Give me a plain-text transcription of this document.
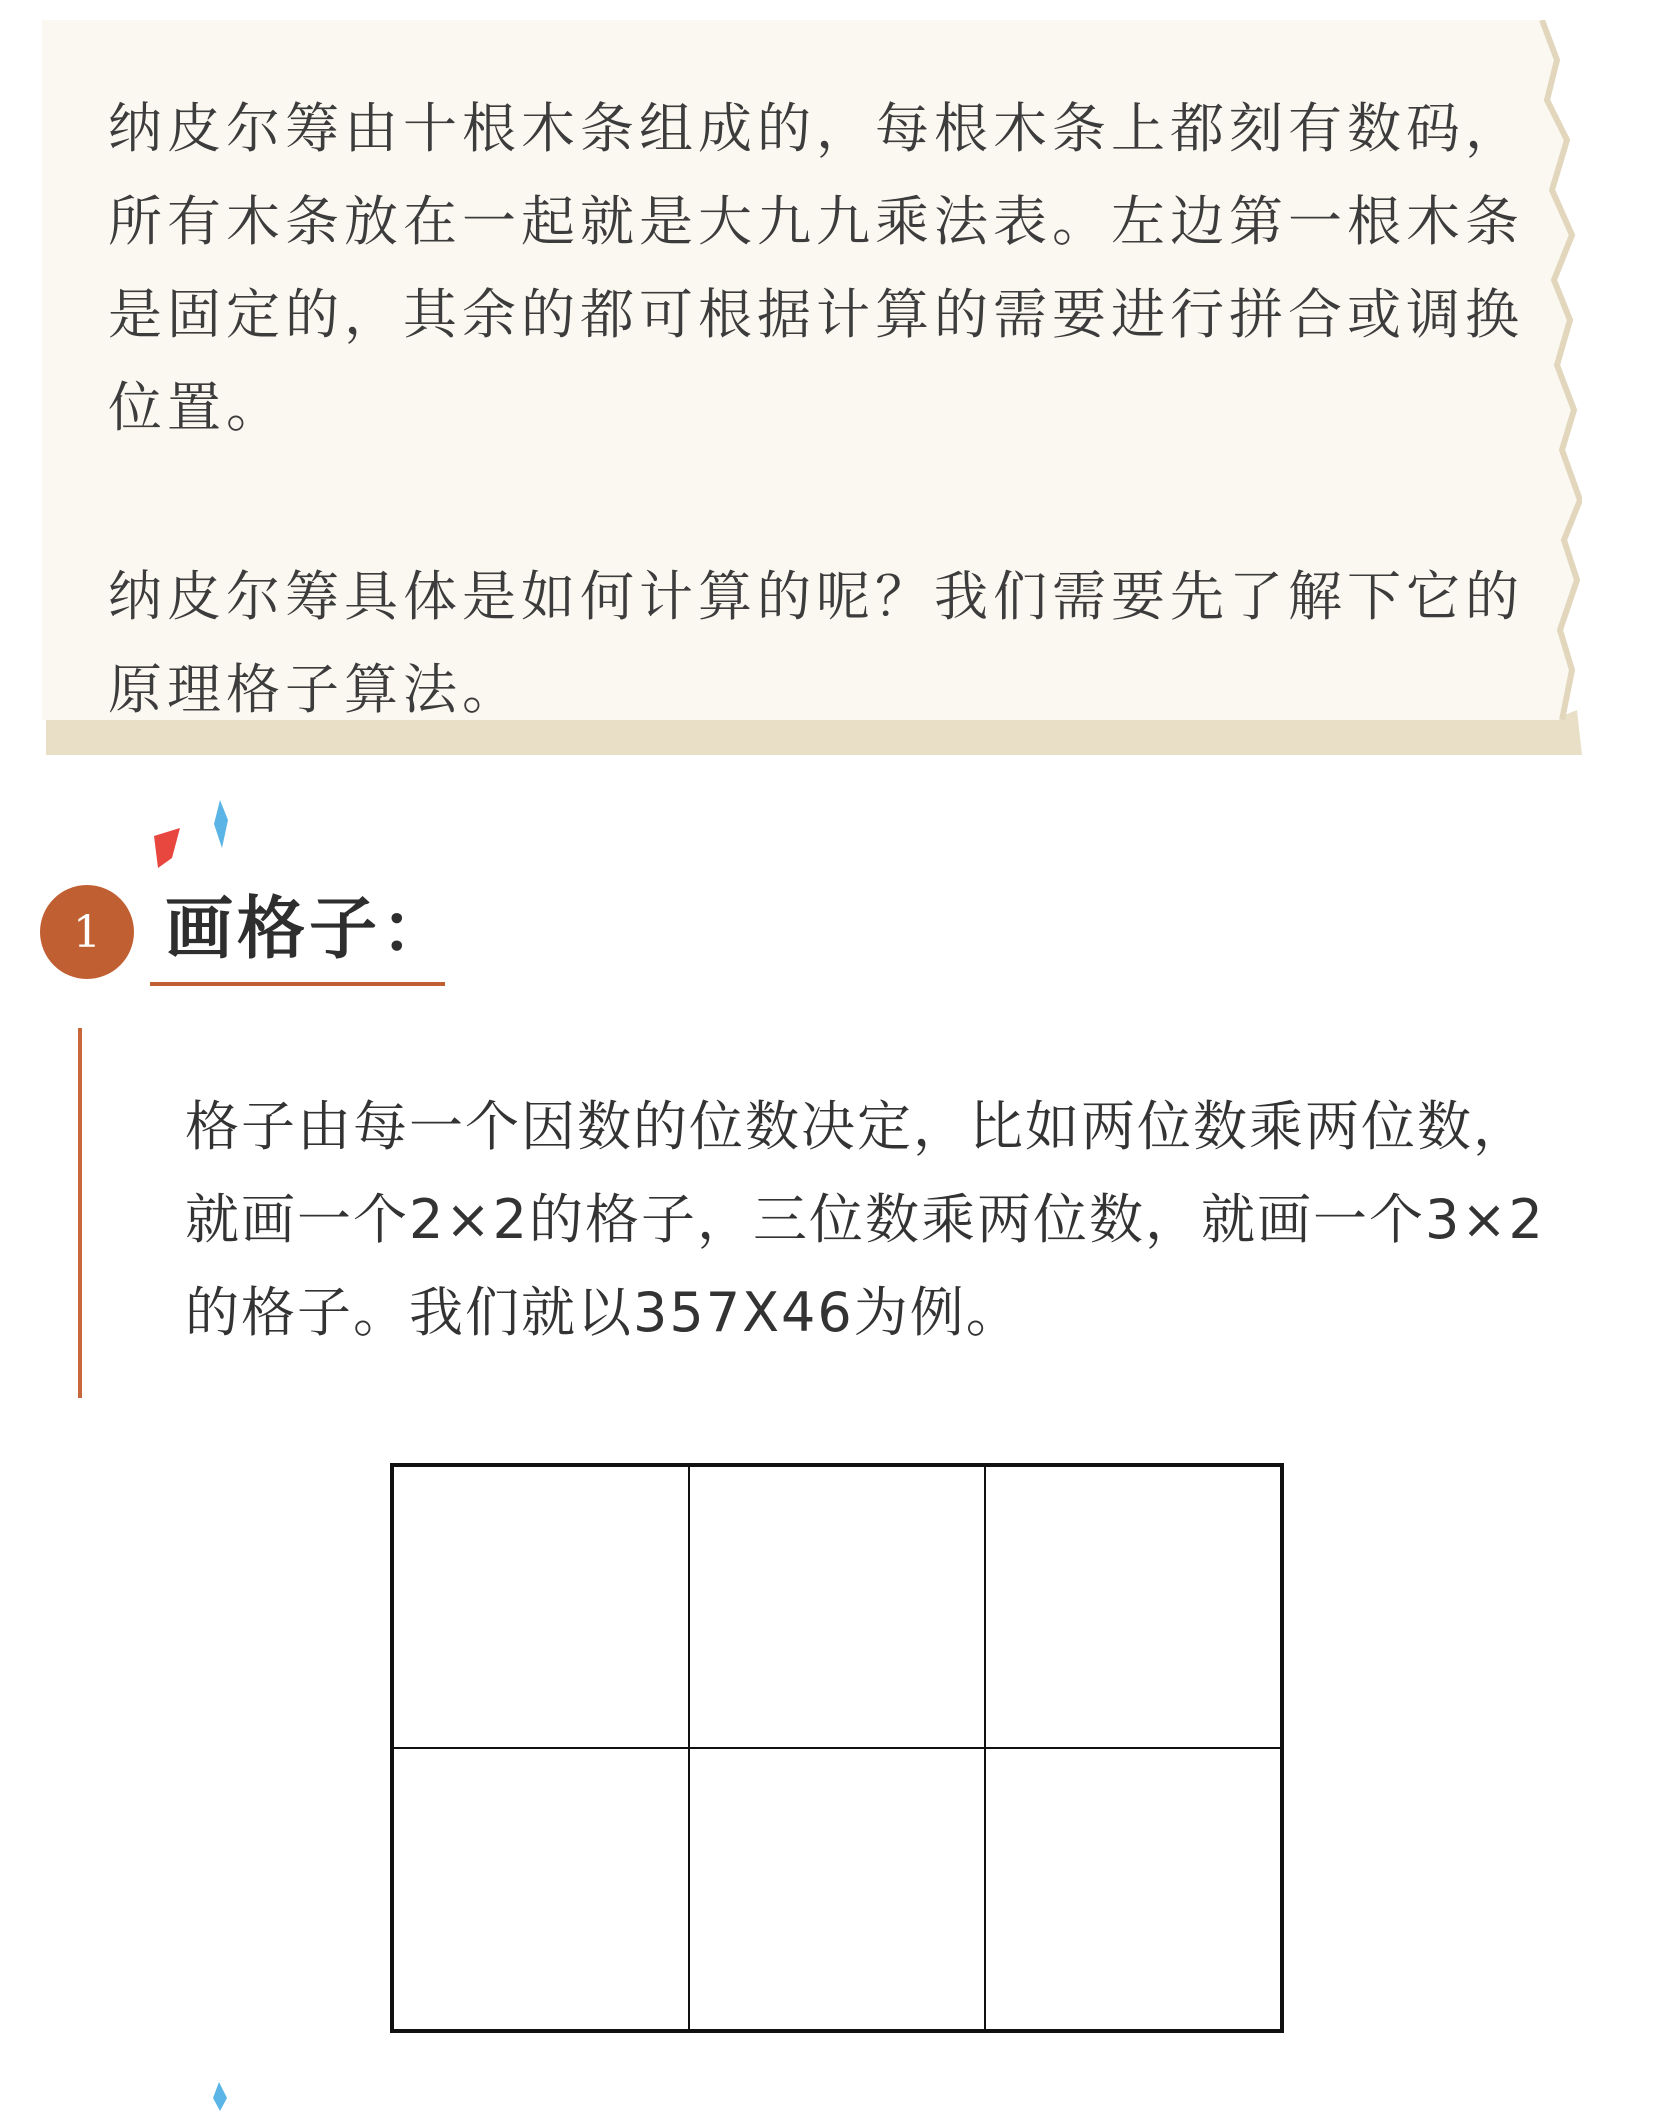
纳皮尔筹由十根木条组成的，每根木条上都刻有数码，所有木条放在一起就是大九九乘法表。左边第一根木条是固定的，其余的都可根据计算的需要进行拼合或调换位置。

纳皮尔筹具体是如何计算的呢？我们需要先了解下它的原理格子算法。

1 画格子：

格子由每一个因数的位数决定，比如两位数乘两位数，就画一个2×2的格子，三位数乘两位数，就画一个3×2的格子。我们就以357X46为例。
